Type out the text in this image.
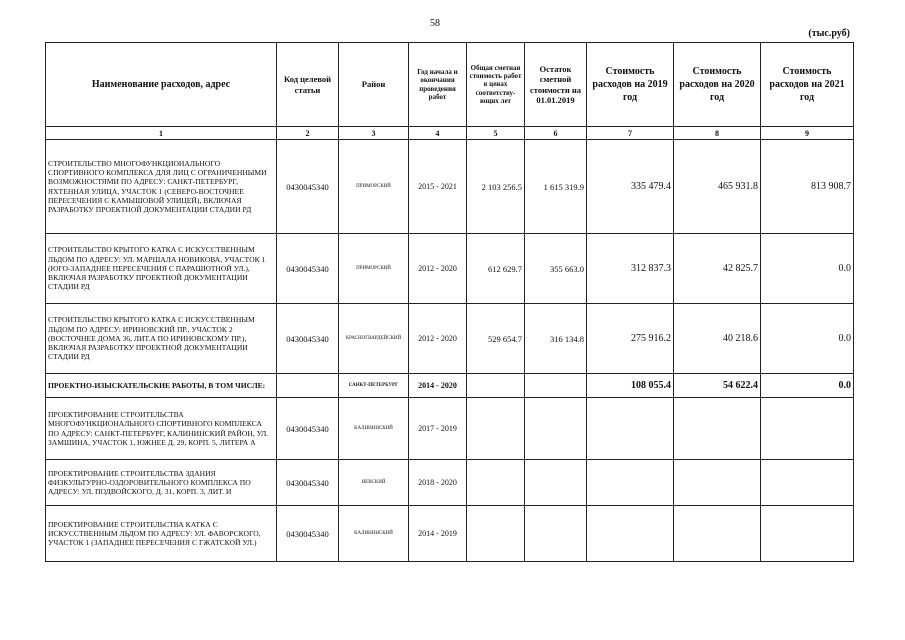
58
(тыс.руб)
Наименование расходов, адрес	Код целевой статьи	Район	Год начала и окончания проведения работ	Общая сметная стоимость работ в ценах соответству-ющих лет	Остаток сметной стоимости на 01.01.2019	Стоимость расходов на 2019 год	Стоимость расходов на 2020 год	Стоимость расходов на 2021 год
1	2	3	4	5	6	7	8	9
СТРОИТЕЛЬСТВО МНОГОФУНКЦИОНАЛЬНОГО СПОРТИВНОГО КОМПЛЕКСА ДЛЯ ЛИЦ С ОГРАНИЧЕННЫМИ ВОЗМОЖНОСТЯМИ ПО АДРЕСУ: САНКТ-ПЕТЕРБУРГ, ЯХТЕННАЯ УЛИЦА, УЧАСТОК 1 (СЕВЕРО-ВОСТОЧНЕЕ ПЕРЕСЕЧЕНИЯ С КАМЫШОВОЙ УЛИЦЕЙ), ВКЛЮЧАЯ РАЗРАБОТКУ ПРОЕКТНОЙ ДОКУМЕНТАЦИИ СТАДИИ РД	0430045340	ПРИМОРСКИЙ	2015 - 2021	2 103 256.5	1 615 319.9	335 479.4	465 931.8	813 908.7
СТРОИТЕЛЬСТВО КРЫТОГО КАТКА С ИСКУССТВЕННЫМ ЛЬДОМ ПО АДРЕСУ: УЛ. МАРШАЛА НОВИКОВА, УЧАСТОК 1 (ЮГО-ЗАПАДНЕЕ ПЕРЕСЕЧЕНИЯ С ПАРАШЮТНОЙ УЛ.), ВКЛЮЧАЯ РАЗРАБОТКУ ПРОЕКТНОЙ ДОКУМЕНТАЦИИ СТАДИИ РД	0430045340	ПРИМОРСКИЙ	2012 - 2020	612 629.7	355 663.0	312 837.3	42 825.7	0.0
СТРОИТЕЛЬСТВО КРЫТОГО КАТКА С ИСКУССТВЕННЫМ ЛЬДОМ ПО АДРЕСУ: ИРИНОВСКИЙ ПР., УЧАСТОК 2 (ВОСТОЧНЕЕ ДОМА 36, ЛИТ.А ПО ИРИНОВСКОМУ ПР.), ВКЛЮЧАЯ РАЗРАБОТКУ ПРОЕКТНОЙ ДОКУМЕНТАЦИИ СТАДИИ РД	0430045340	КРАСНОГВАРДЕЙСКИЙ	2012 - 2020	529 654.7	316 134.8	275 916.2	40 218.6	0.0
ПРОЕКТНО-ИЗЫСКАТЕЛЬСКИЕ РАБОТЫ, В ТОМ ЧИСЛЕ:		САНКТ-ПЕТЕРБУРГ	2014 - 2020			108 055.4	54 622.4	0.0
ПРОЕКТИРОВАНИЕ СТРОИТЕЛЬСТВА МНОГОФУНКЦИОНАЛЬНОГО СПОРТИВНОГО КОМПЛЕКСА ПО АДРЕСУ: САНКТ-ПЕТЕРБУРГ, КАЛИНИНСКИЙ РАЙОН, УЛ. ЗАМШИНА, УЧАСТОК 1, ЮЖНЕЕ Д. 29, КОРП. 5, ЛИТЕРА А	0430045340	КАЛИНИНСКИЙ	2017 - 2019					
ПРОЕКТИРОВАНИЕ СТРОИТЕЛЬСТВА ЗДАНИЯ ФИЗКУЛЬТУРНО-ОЗДОРОВИТЕЛЬНОГО КОМПЛЕКСА ПО АДРЕСУ: УЛ. ПОДВОЙСКОГО, Д. 31, КОРП. 3, ЛИТ. И	0430045340	НЕВСКИЙ	2018 - 2020					
ПРОЕКТИРОВАНИЕ СТРОИТЕЛЬСТВА КАТКА С ИСКУССТВЕННЫМ ЛЬДОМ ПО АДРЕСУ: УЛ. ФАВОРСКОГО, УЧАСТОК 1 (ЗАПАДНЕЕ ПЕРЕСЕЧЕНИЯ С ГЖАТСКОЙ УЛ.)	0430045340	КАЛИНИНСКИЙ	2014 - 2019					
